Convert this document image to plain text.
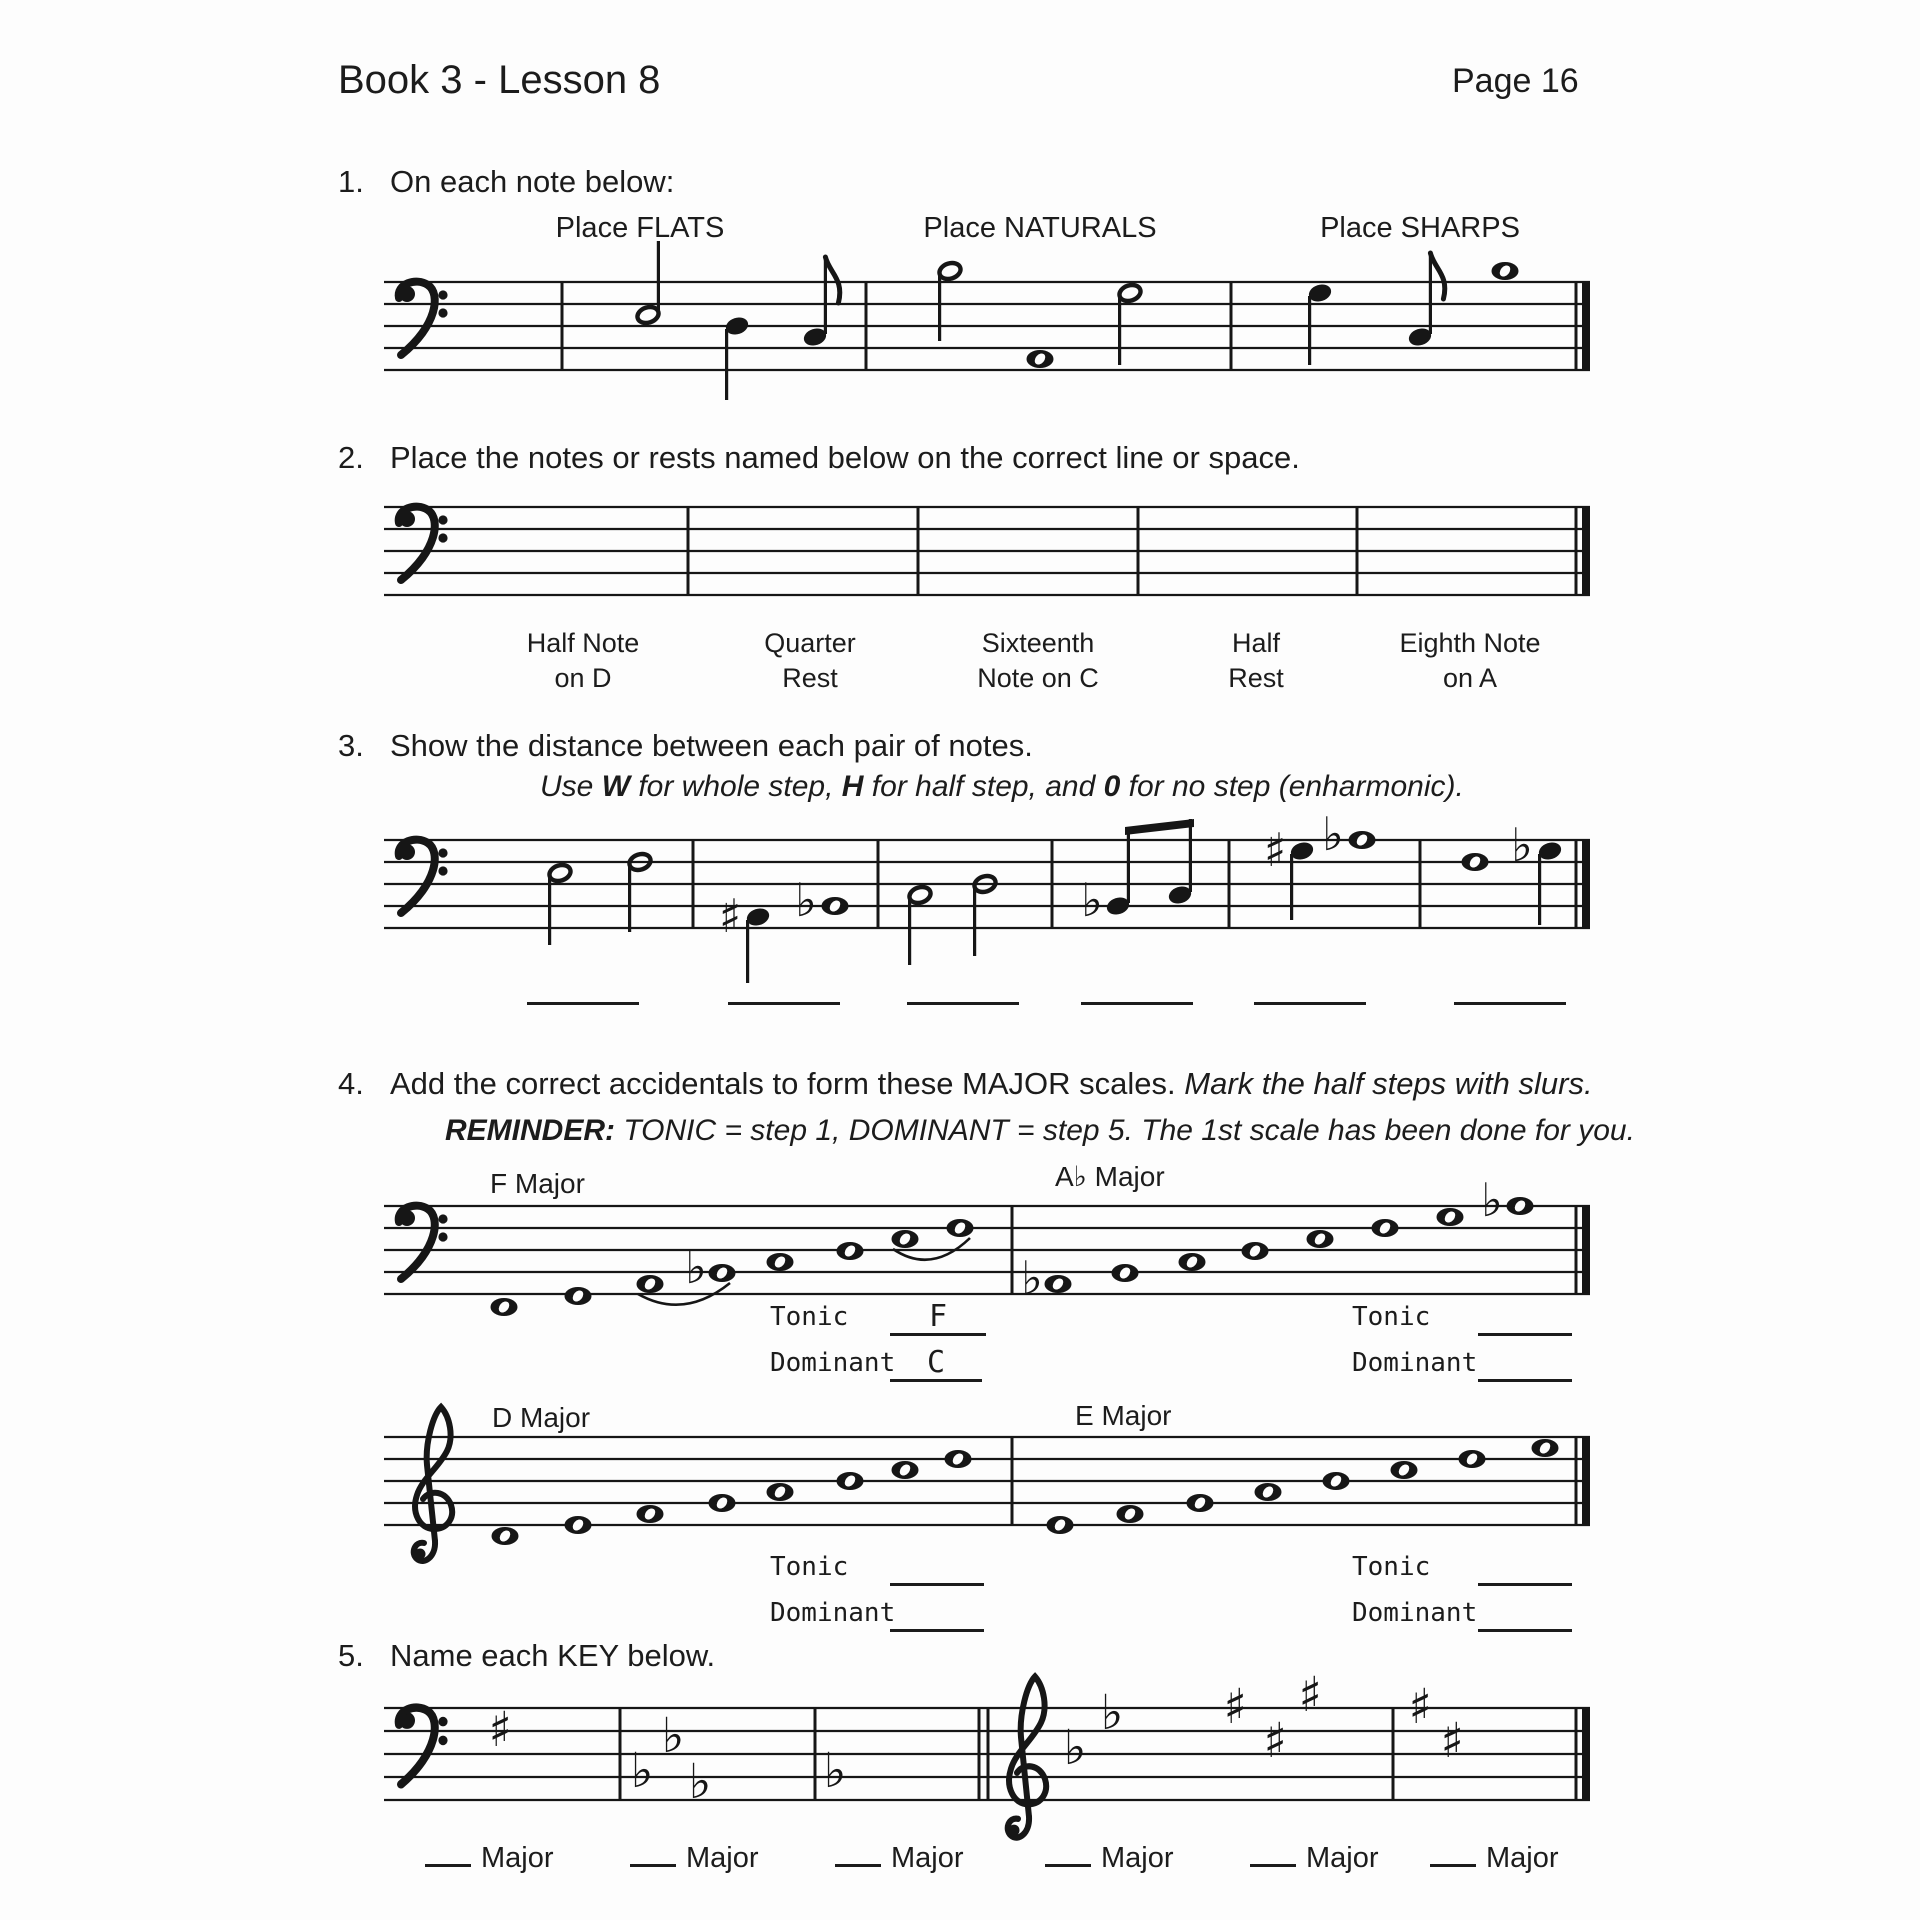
Book 3 - Lesson 8	Page 16
1. On each note below:
Place FLATS	Place NATURALS	Place SHARPS
2. Place the notes or rests named below on the correct line or space.
Half Note
on D
Quarter
Rest
Sixteenth
Note on C
Half
Rest
Eighth Note
on A
3. Show the distance between each pair of notes.
Use W for whole step, H for half step, and 0 for no step (enharmonic).
♯ ♭	♭
♯ ♭	♭
4. Add the correct accidentals to form these MAJOR scales. Mark the half steps with slurs.
REMINDER: TONIC = step 1, DOMINANT = step 5. The 1st scale has been done for you.
F Major	A♭ Major
♭	♭
♭
Tonic	F
Dominant	C
Tonic
Dominant
D Major	E Major
Tonic
Dominant
Tonic
Dominant
5. Name each KEY below.
♯
♭
♭
♭ ♭	♭
♭ ♯
♯
♯ ♯
♯
Major	Major	Major	Major	Major	Major
